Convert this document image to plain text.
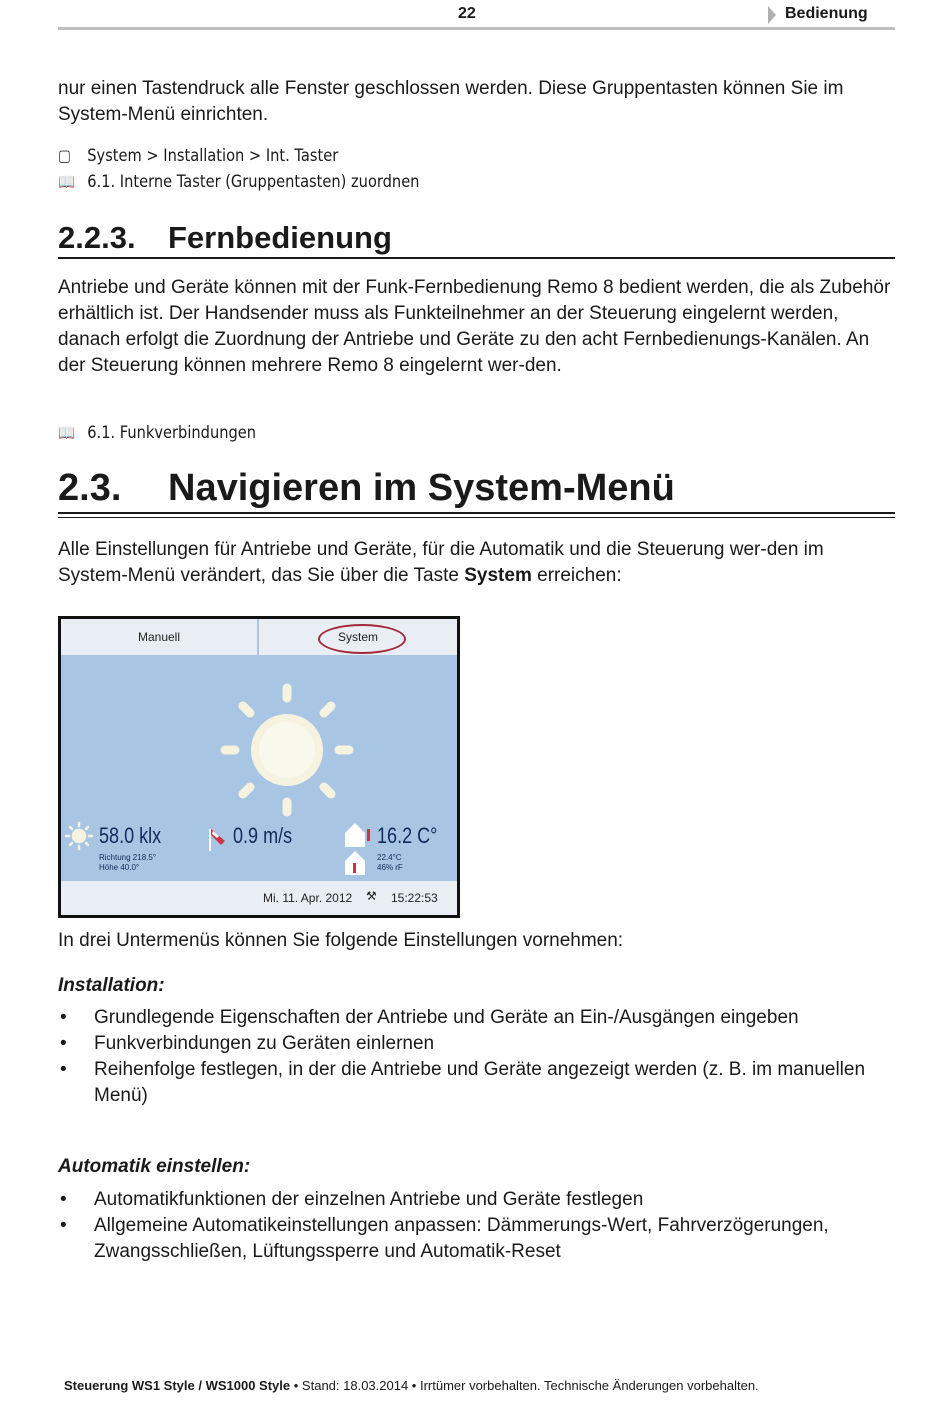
22	Bedienung

nur einen Tastendruck alle Fenster geschlossen werden. Diese Gruppentasten können Sie im System-Menü einrichten.

▢ System > Installation > Int. Taster
📖 6.1. Interne Taster (Gruppentasten) zuordnen
2.2.3. Fernbedienung

Antriebe und Geräte können mit der Funk-Fernbedienung Remo 8 bedient werden, die als Zubehör erhältlich ist. Der Handsender muss als Funkteilnehmer an der Steuerung eingelernt werden, danach erfolgt die Zuordnung der Antriebe und Geräte zu den acht Fernbedienungs-Kanälen. An der Steuerung können mehrere Remo 8 eingelernt wer-den.

📖 6.1. Funkverbindungen
2.3. Navigieren im System-Menü

Alle Einstellungen für Antriebe und Geräte, für die Automatik und die Steuerung wer-den im System-Menü verändert, das Sie über die Taste System erreichen:

Manuell	System
58.0 klx
Richtung 218.5°
Höhe 40.0°
0.9 m/s	16.2 C°
22.4°C
46% rF
Mi. 11. Apr. 2012 ⚒ 15:22:53

In drei Untermenüs können Sie folgende Einstellungen vornehmen:

Installation:
• Grundlegende Eigenschaften der Antriebe und Geräte an Ein-/Ausgängen eingeben
• Funkverbindungen zu Geräten einlernen
• Reihenfolge festlegen, in der die Antriebe und Geräte angezeigt werden (z. B. im manuellen Menü)
Automatik einstellen:
• Automatikfunktionen der einzelnen Antriebe und Geräte festlegen
• Allgemeine Automatikeinstellungen anpassen: Dämmerungs-Wert, Fahrverzögerungen, Zwangsschließen, Lüftungssperre und Automatik-Reset
Steuerung WS1 Style / WS1000 Style • Stand: 18.03.2014 • Irrtümer vorbehalten. Technische Änderungen vorbehalten.
